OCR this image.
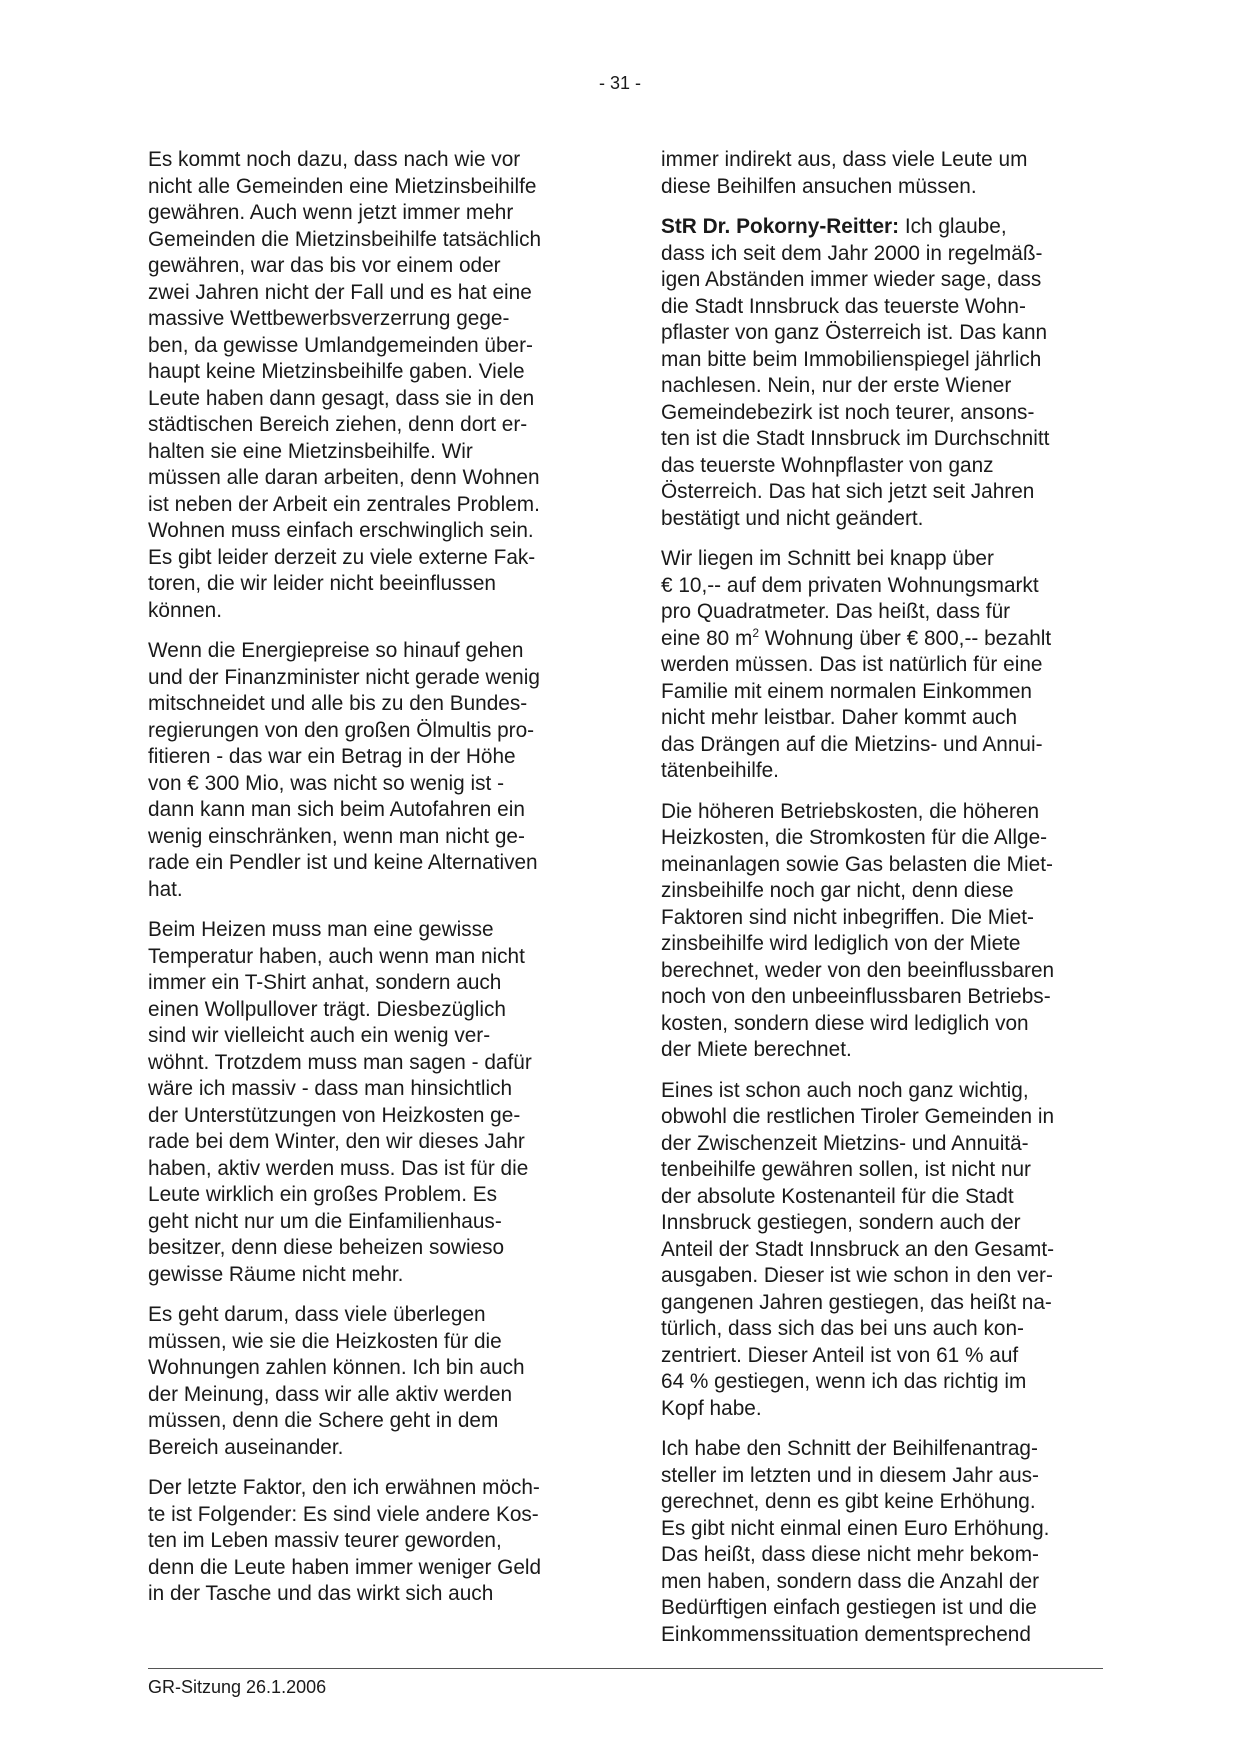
- 31 -

Es kommt noch dazu, dass nach wie vor
nicht alle Gemeinden eine Mietzinsbeihilfe
gewähren. Auch wenn jetzt immer mehr
Gemeinden die Mietzinsbeihilfe tatsächlich
gewähren, war das bis vor einem oder
zwei Jahren nicht der Fall und es hat eine
massive Wettbewerbsverzerrung gege-
ben, da gewisse Umlandgemeinden über-
haupt keine Mietzinsbeihilfe gaben. Viele
Leute haben dann gesagt, dass sie in den
städtischen Bereich ziehen, denn dort er-
halten sie eine Mietzinsbeihilfe. Wir
müssen alle daran arbeiten, denn Wohnen
ist neben der Arbeit ein zentrales Problem.
Wohnen muss einfach erschwinglich sein.
Es gibt leider derzeit zu viele externe Fak-
toren, die wir leider nicht beeinflussen
können.

Wenn die Energiepreise so hinauf gehen
und der Finanzminister nicht gerade wenig
mitschneidet und alle bis zu den Bundes-
regierungen von den großen Ölmultis pro-
fitieren - das war ein Betrag in der Höhe
von € 300 Mio, was nicht so wenig ist -
dann kann man sich beim Autofahren ein
wenig einschränken, wenn man nicht ge-
rade ein Pendler ist und keine Alternativen
hat.

Beim Heizen muss man eine gewisse
Temperatur haben, auch wenn man nicht
immer ein T-Shirt anhat, sondern auch
einen Wollpullover trägt. Diesbezüglich
sind wir vielleicht auch ein wenig ver-
wöhnt. Trotzdem muss man sagen - dafür
wäre ich massiv - dass man hinsichtlich
der Unterstützungen von Heizkosten ge-
rade bei dem Winter, den wir dieses Jahr
haben, aktiv werden muss. Das ist für die
Leute wirklich ein großes Problem. Es
geht nicht nur um die Einfamilienhaus-
besitzer, denn diese beheizen sowieso
gewisse Räume nicht mehr.

Es geht darum, dass viele überlegen
müssen, wie sie die Heizkosten für die
Wohnungen zahlen können. Ich bin auch
der Meinung, dass wir alle aktiv werden
müssen, denn die Schere geht in dem
Bereich auseinander.

Der letzte Faktor, den ich erwähnen möch-
te ist Folgender: Es sind viele andere Kos-
ten im Leben massiv teurer geworden,
denn die Leute haben immer weniger Geld
in der Tasche und das wirkt sich auch

immer indirekt aus, dass viele Leute um
diese Beihilfen ansuchen müssen.

StR Dr. Pokorny-Reitter: Ich glaube,
dass ich seit dem Jahr 2000 in regelmäß-
igen Abständen immer wieder sage, dass
die Stadt Innsbruck das teuerste Wohn-
pflaster von ganz Österreich ist. Das kann
man bitte beim Immobilienspiegel jährlich
nachlesen. Nein, nur der erste Wiener
Gemeindebezirk ist noch teurer, ansons-
ten ist die Stadt Innsbruck im Durchschnitt
das teuerste Wohnpflaster von ganz
Österreich. Das hat sich jetzt seit Jahren
bestätigt und nicht geändert.

Wir liegen im Schnitt bei knapp über
€ 10,-- auf dem privaten Wohnungsmarkt
pro Quadratmeter. Das heißt, dass für
eine 80 $m^2$ Wohnung über € 800,-- bezahlt
werden müssen. Das ist natürlich für eine
Familie mit einem normalen Einkommen
nicht mehr leistbar. Daher kommt auch
das Drängen auf die Mietzins- und Annui-
tätenbeihilfe.

Die höheren Betriebskosten, die höheren
Heizkosten, die Stromkosten für die Allge-
meinanlagen sowie Gas belasten die Miet-
zinsbeihilfe noch gar nicht, denn diese
Faktoren sind nicht inbegriffen. Die Miet-
zinsbeihilfe wird lediglich von der Miete
berechnet, weder von den beeinflussbaren
noch von den unbeeinflussbaren Betriebs-
kosten, sondern diese wird lediglich von
der Miete berechnet.

Eines ist schon auch noch ganz wichtig,
obwohl die restlichen Tiroler Gemeinden in
der Zwischenzeit Mietzins- und Annuitä-
tenbeihilfe gewähren sollen, ist nicht nur
der absolute Kostenanteil für die Stadt
Innsbruck gestiegen, sondern auch der
Anteil der Stadt Innsbruck an den Gesamt-
ausgaben. Dieser ist wie schon in den ver-
gangenen Jahren gestiegen, das heißt na-
türlich, dass sich das bei uns auch kon-
zentriert. Dieser Anteil ist von 61 % auf
64 % gestiegen, wenn ich das richtig im
Kopf habe.

Ich habe den Schnitt der Beihilfenantrag-
steller im letzten und in diesem Jahr aus-
gerechnet, denn es gibt keine Erhöhung.
Es gibt nicht einmal einen Euro Erhöhung.
Das heißt, dass diese nicht mehr bekom-
men haben, sondern dass die Anzahl der
Bedürftigen einfach gestiegen ist und die
Einkommenssituation dementsprechend

GR-Sitzung 26.1.2006
